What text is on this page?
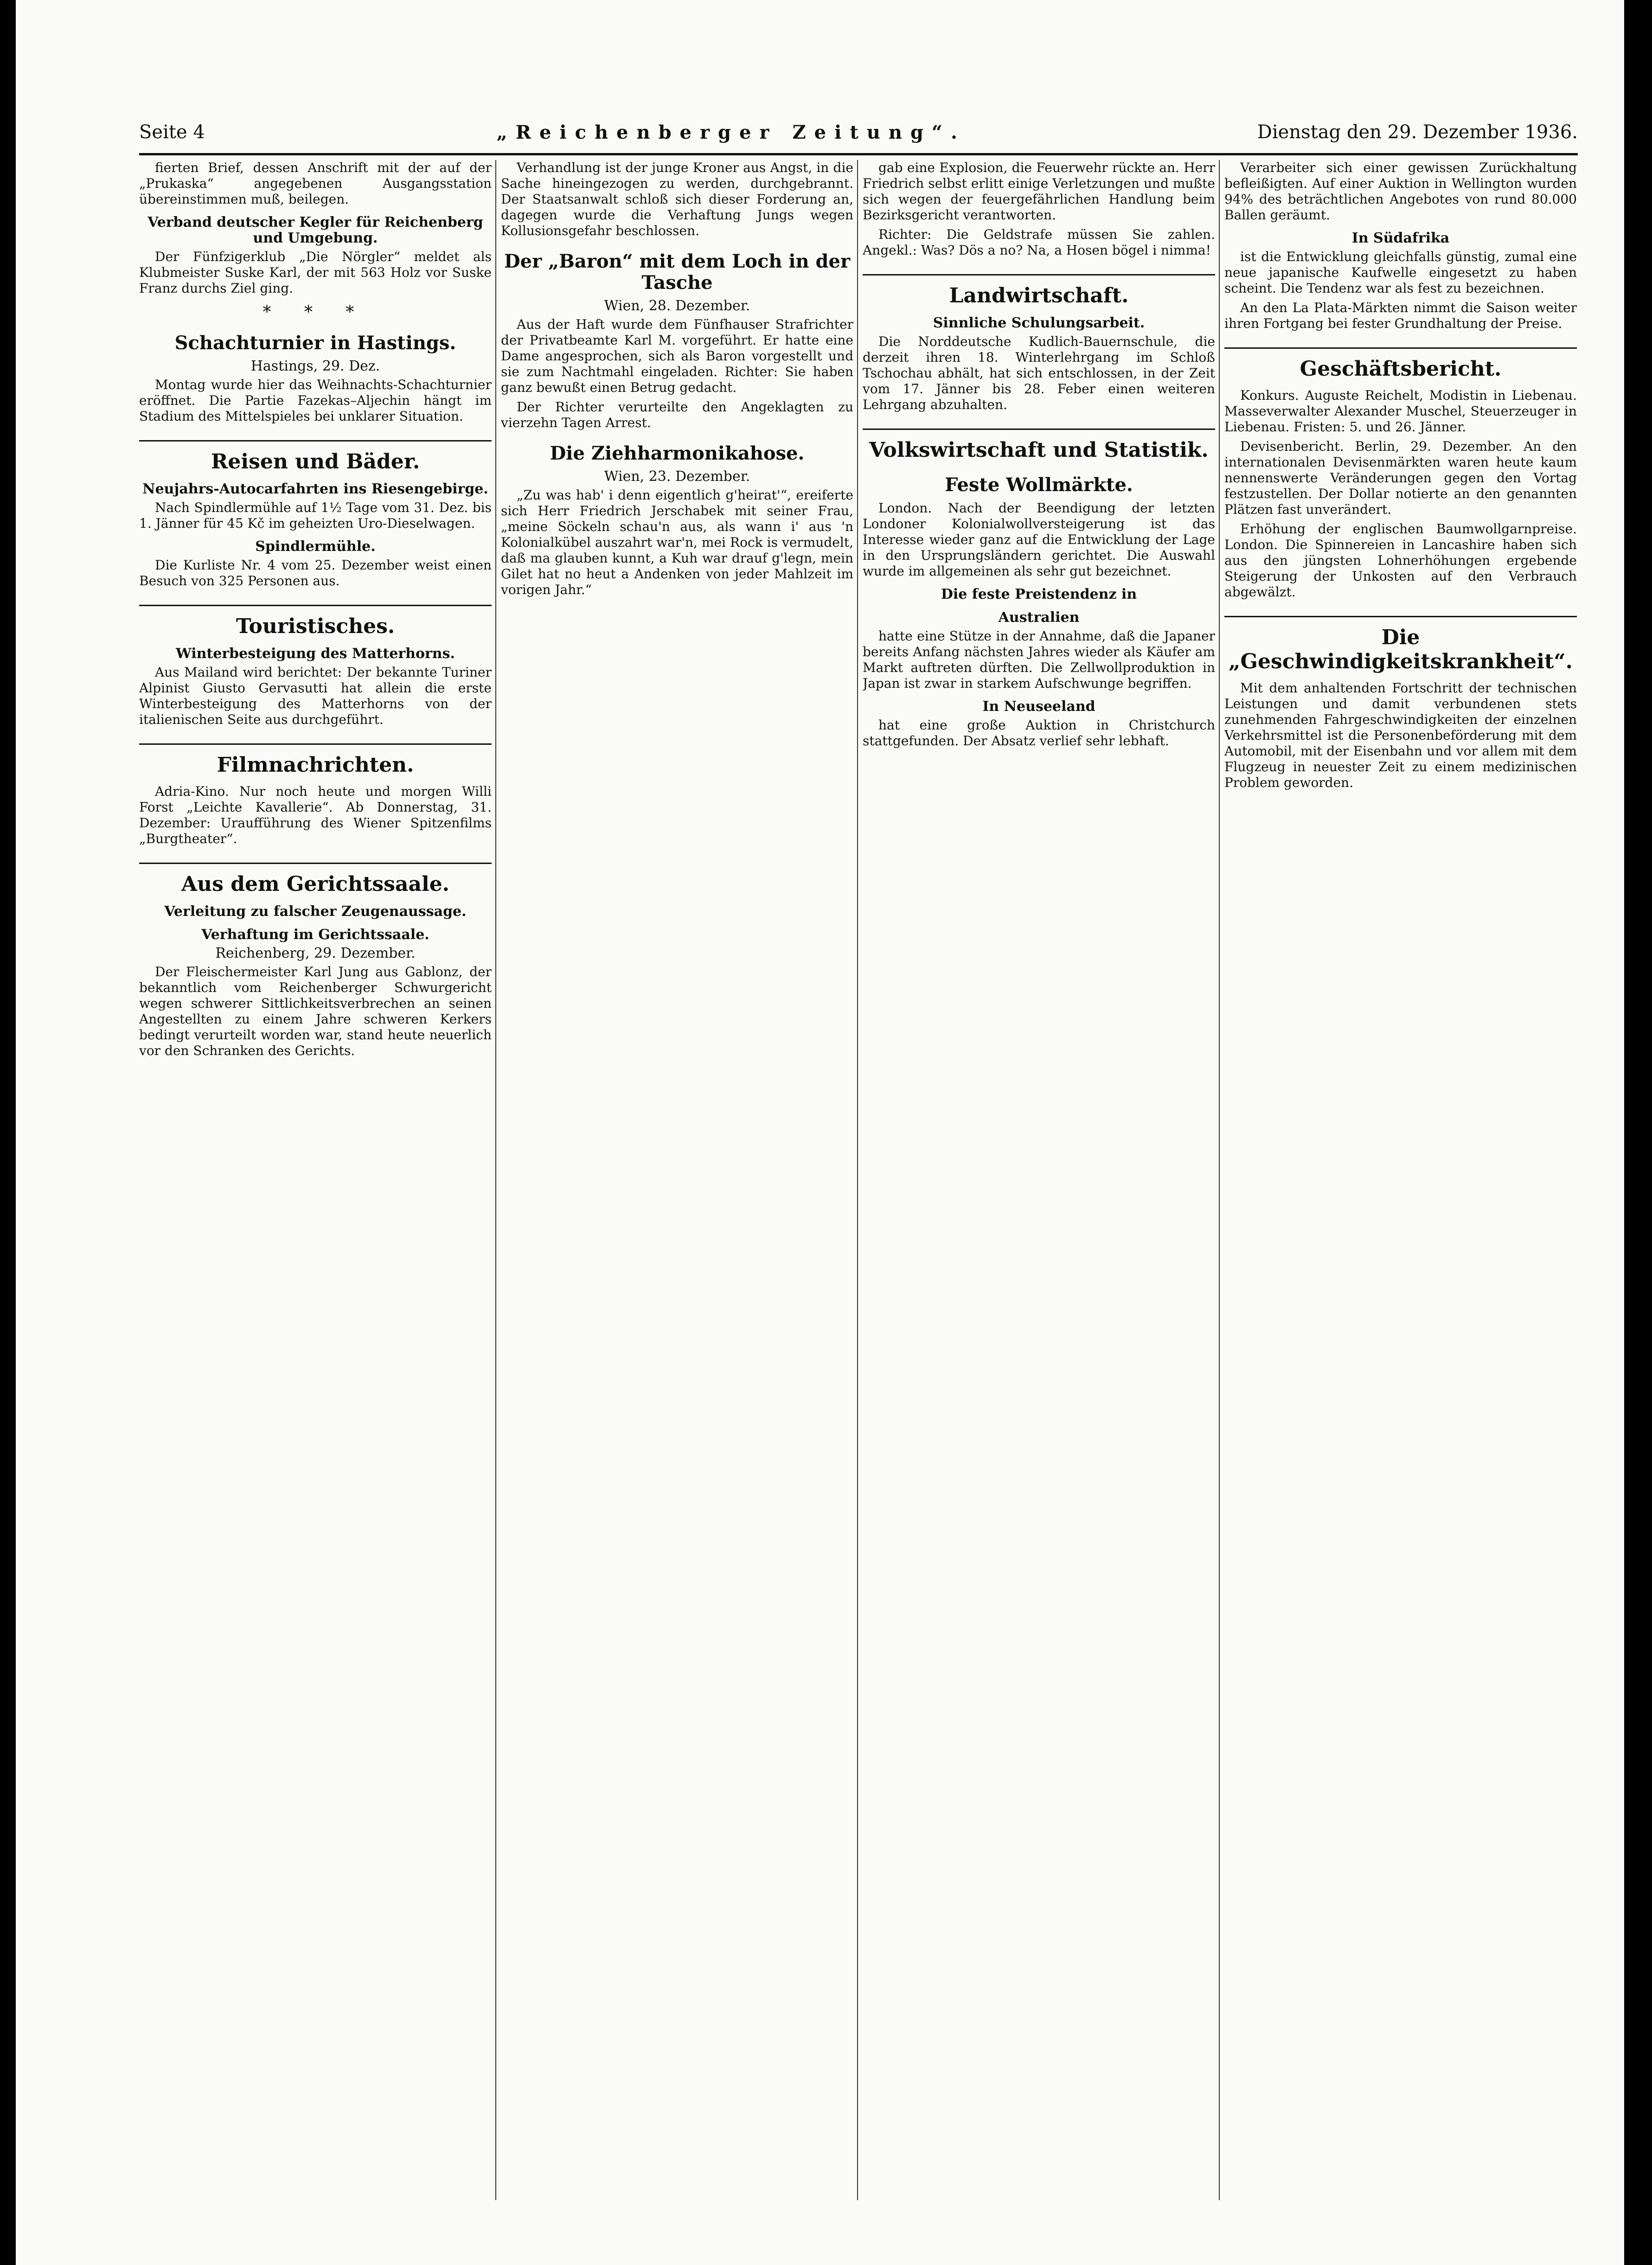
Seite 4	„Reichenberger Zeitung“.	Dienstag den 29. Dezember 1936.

fierten Brief, dessen Anschrift mit der auf der „Prukaska“ angegebenen Ausgangsstation übereinstimmen muß, beilegen.

Verband deutscher Kegler für Reichenberg und Umgebung.

Der Fünfzigerklub „Die Nörgler“ meldet als Klubmeister Suske Karl, der mit 563 Holz vor Suske Franz durchs Ziel ging.

* * *
Schachturnier in Hastings.
Hastings, 29. Dez.

Montag wurde hier das Weihnachts-Schachturnier eröffnet. Die Partie Fazekas–Aljechin hängt im Stadium des Mittelspieles bei unklarer Situation.

Reisen und Bäder.
Neujahrs-Autocarfahrten ins Riesengebirge.

Nach Spindlermühle auf 1½ Tage vom 31. Dez. bis 1. Jänner für 45 Kč im geheizten Uro-Dieselwagen.

Spindlermühle.

Die Kurliste Nr. 4 vom 25. Dezember weist einen Besuch von 325 Personen aus.

Touristisches.
Winterbesteigung des Matterhorns.

Aus Mailand wird berichtet: Der bekannte Turiner Alpinist Giusto Gervasutti hat allein die erste Winterbesteigung des Matterhorns von der italienischen Seite aus durchgeführt.

Filmnachrichten.

Adria-Kino. Nur noch heute und morgen Willi Forst „Leichte Kavallerie“. Ab Donnerstag, 31. Dezember: Uraufführung des Wiener Spitzenfilms „Burgtheater“.

Aus dem Gerichtssaale.
Verleitung zu falscher Zeugenaussage.
Verhaftung im Gerichtssaale.
Reichenberg, 29. Dezember.

Der Fleischermeister Karl Jung aus Gablonz, der bekanntlich vom Reichenberger Schwurgericht wegen schwerer Sittlichkeitsverbrechen an seinen Angestellten zu einem Jahre schweren Kerkers bedingt verurteilt worden war, stand heute neuerlich vor den Schranken des Gerichts.

Verhandlung ist der junge Kroner aus Angst, in die Sache hineingezogen zu werden, durchgebrannt. Der Staatsanwalt schloß sich dieser Forderung an, dagegen wurde die Verhaftung Jungs wegen Kollusionsgefahr beschlossen.

Der „Baron“ mit dem Loch in der Tasche
Wien, 28. Dezember.

Aus der Haft wurde dem Fünfhauser Strafrichter der Privatbeamte Karl M. vorgeführt. Er hatte eine Dame angesprochen, sich als Baron vorgestellt und sie zum Nachtmahl eingeladen. Richter: Sie haben ganz bewußt einen Betrug gedacht.

Der Richter verurteilte den Angeklagten zu vierzehn Tagen Arrest.

Die Ziehharmonikahose.
Wien, 23. Dezember.

„Zu was hab' i denn eigentlich g'heirat'“, ereiferte sich Herr Friedrich Jerschabek mit seiner Frau, „meine Söckeln schau'n aus, als wann i' aus 'n Kolonialkübel auszahrt war'n, mei Rock is vermudelt, daß ma glauben kunnt, a Kuh war drauf g'legn, mein Gilet hat no heut a Andenken von jeder Mahlzeit im vorigen Jahr.“

gab eine Explosion, die Feuerwehr rückte an. Herr Friedrich selbst erlitt einige Verletzungen und mußte sich wegen der feuergefährlichen Handlung beim Bezirksgericht verantworten.

Richter: Die Geldstrafe müssen Sie zahlen. Angekl.: Was? Dös a no? Na, a Hosen bögel i nimma!

Landwirtschaft.
Sinnliche Schulungsarbeit.

Die Norddeutsche Kudlich-Bauernschule, die derzeit ihren 18. Winterlehrgang im Schloß Tschochau abhält, hat sich entschlossen, in der Zeit vom 17. Jänner bis 28. Feber einen weiteren Lehrgang abzuhalten.

Volkswirtschaft und Statistik.
Feste Wollmärkte.

London. Nach der Beendigung der letzten Londoner Kolonialwollversteigerung ist das Interesse wieder ganz auf die Entwicklung der Lage in den Ursprungsländern gerichtet. Die Auswahl wurde im allgemeinen als sehr gut bezeichnet.

Die feste Preistendenz in
Australien

hatte eine Stütze in der Annahme, daß die Japaner bereits Anfang nächsten Jahres wieder als Käufer am Markt auftreten dürften. Die Zellwollproduktion in Japan ist zwar in starkem Aufschwunge begriffen.

In Neuseeland

hat eine große Auktion in Christchurch stattgefunden. Der Absatz verlief sehr lebhaft.

Verarbeiter sich einer gewissen Zurückhaltung befleißigten. Auf einer Auktion in Wellington wurden 94% des beträchtlichen Angebotes von rund 80.000 Ballen geräumt.

In Südafrika

ist die Entwicklung gleichfalls günstig, zumal eine neue japanische Kaufwelle eingesetzt zu haben scheint. Die Tendenz war als fest zu bezeichnen.

An den La Plata-Märkten nimmt die Saison weiter ihren Fortgang bei fester Grundhaltung der Preise.

Geschäftsbericht.

Konkurs. Auguste Reichelt, Modistin in Liebenau. Masseverwalter Alexander Muschel, Steuerzeuger in Liebenau. Fristen: 5. und 26. Jänner.

Devisenbericht. Berlin, 29. Dezember. An den internationalen Devisenmärkten waren heute kaum nennenswerte Veränderungen gegen den Vortag festzustellen. Der Dollar notierte an den genannten Plätzen fast unverändert.

Erhöhung der englischen Baumwollgarnpreise. London. Die Spinnereien in Lancashire haben sich aus den jüngsten Lohnerhöhungen ergebende Steigerung der Unkosten auf den Verbrauch abgewälzt.

Die „Geschwindigkeitskrankheit“.

Mit dem anhaltenden Fortschritt der technischen Leistungen und damit verbundenen stets zunehmenden Fahrgeschwindigkeiten der einzelnen Verkehrsmittel ist die Personenbeförderung mit dem Automobil, mit der Eisenbahn und vor allem mit dem Flugzeug in neuester Zeit zu einem medizinischen Problem geworden.
